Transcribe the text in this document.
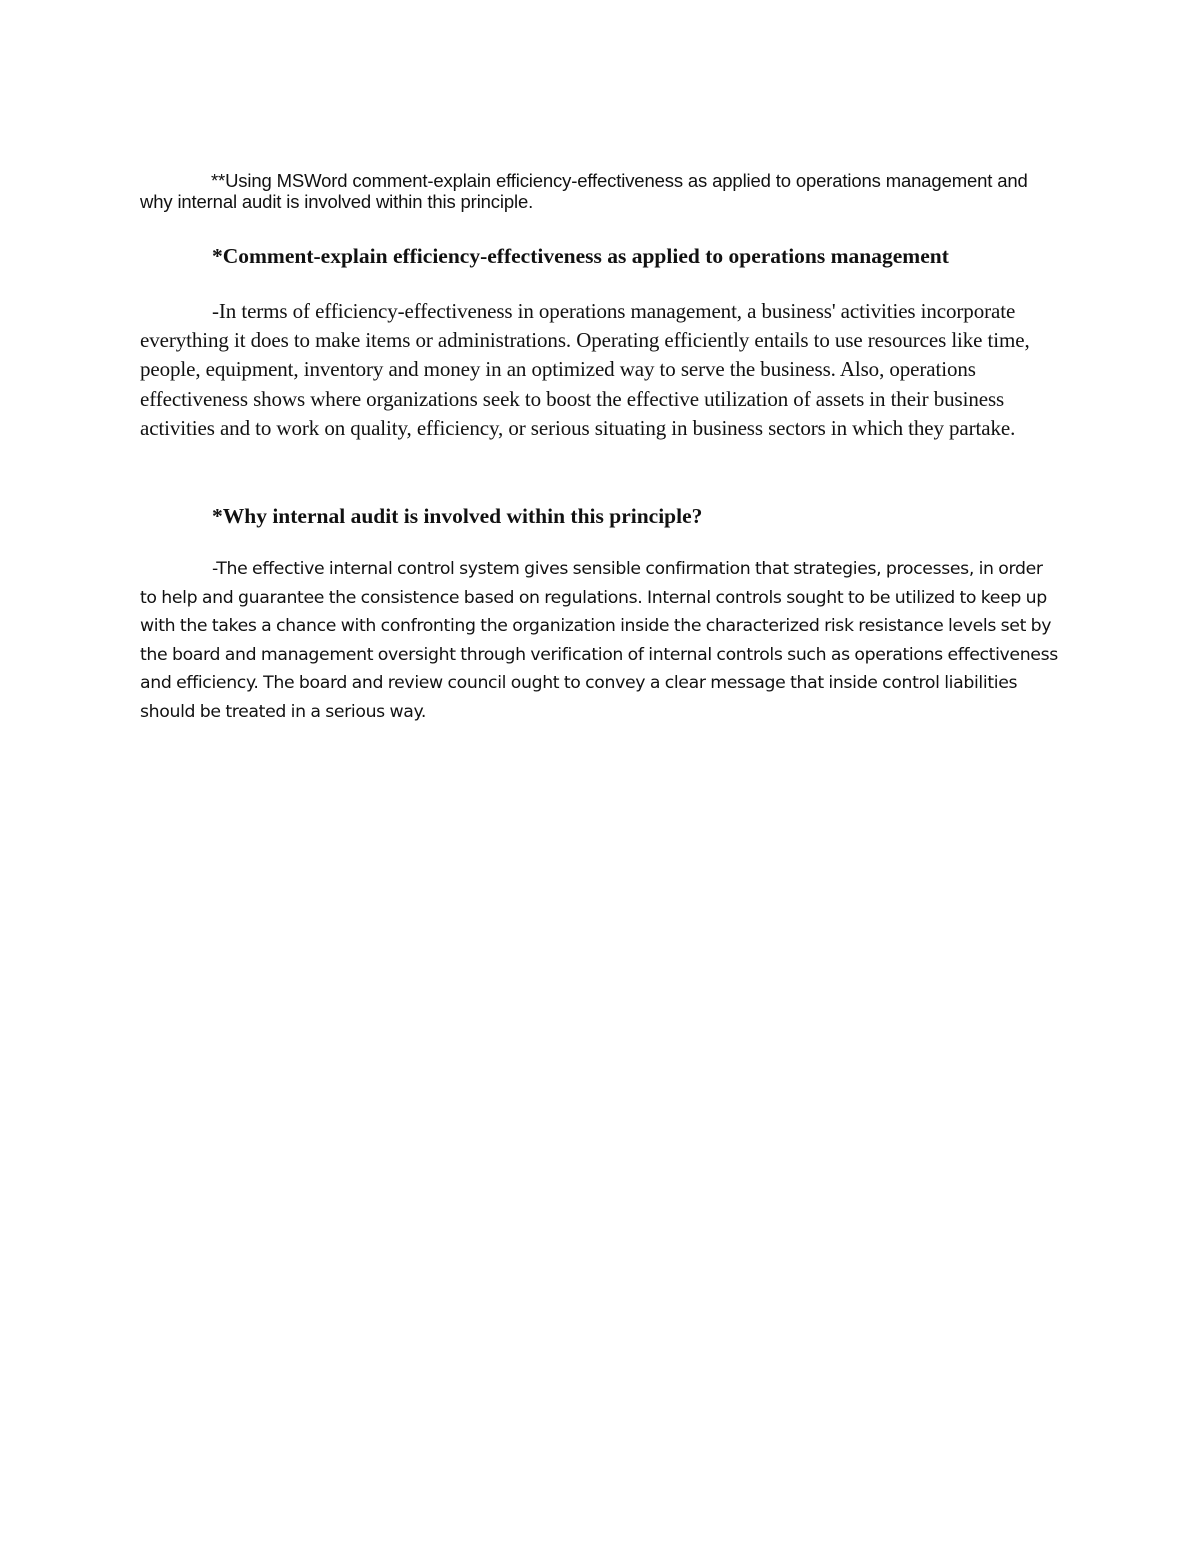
**Using MSWord comment-explain efficiency-effectiveness as applied to operations management and why internal audit is involved within this principle.

*Comment-explain efficiency-effectiveness as applied to operations management

-In terms of efficiency-effectiveness in operations management, a business' activities incorporate everything it does to make items or administrations. Operating efficiently entails to use resources like time, people, equipment, inventory and money in an optimized way to serve the business. Also, operations effectiveness shows where organizations seek to boost the effective utilization of assets in their business activities and to work on quality, efficiency, or serious situating in business sectors in which they partake.

*Why internal audit is involved within this principle?

-The effective internal control system gives sensible confirmation that strategies, processes, in order to help and guarantee the consistence based on regulations. Internal controls sought to be utilized to keep up with the takes a chance with confronting the organization inside the characterized risk resistance levels set by the board and management oversight through verification of internal controls such as operations effectiveness and efficiency. The board and review council ought to convey a clear message that inside control liabilities should be treated in a serious way.
